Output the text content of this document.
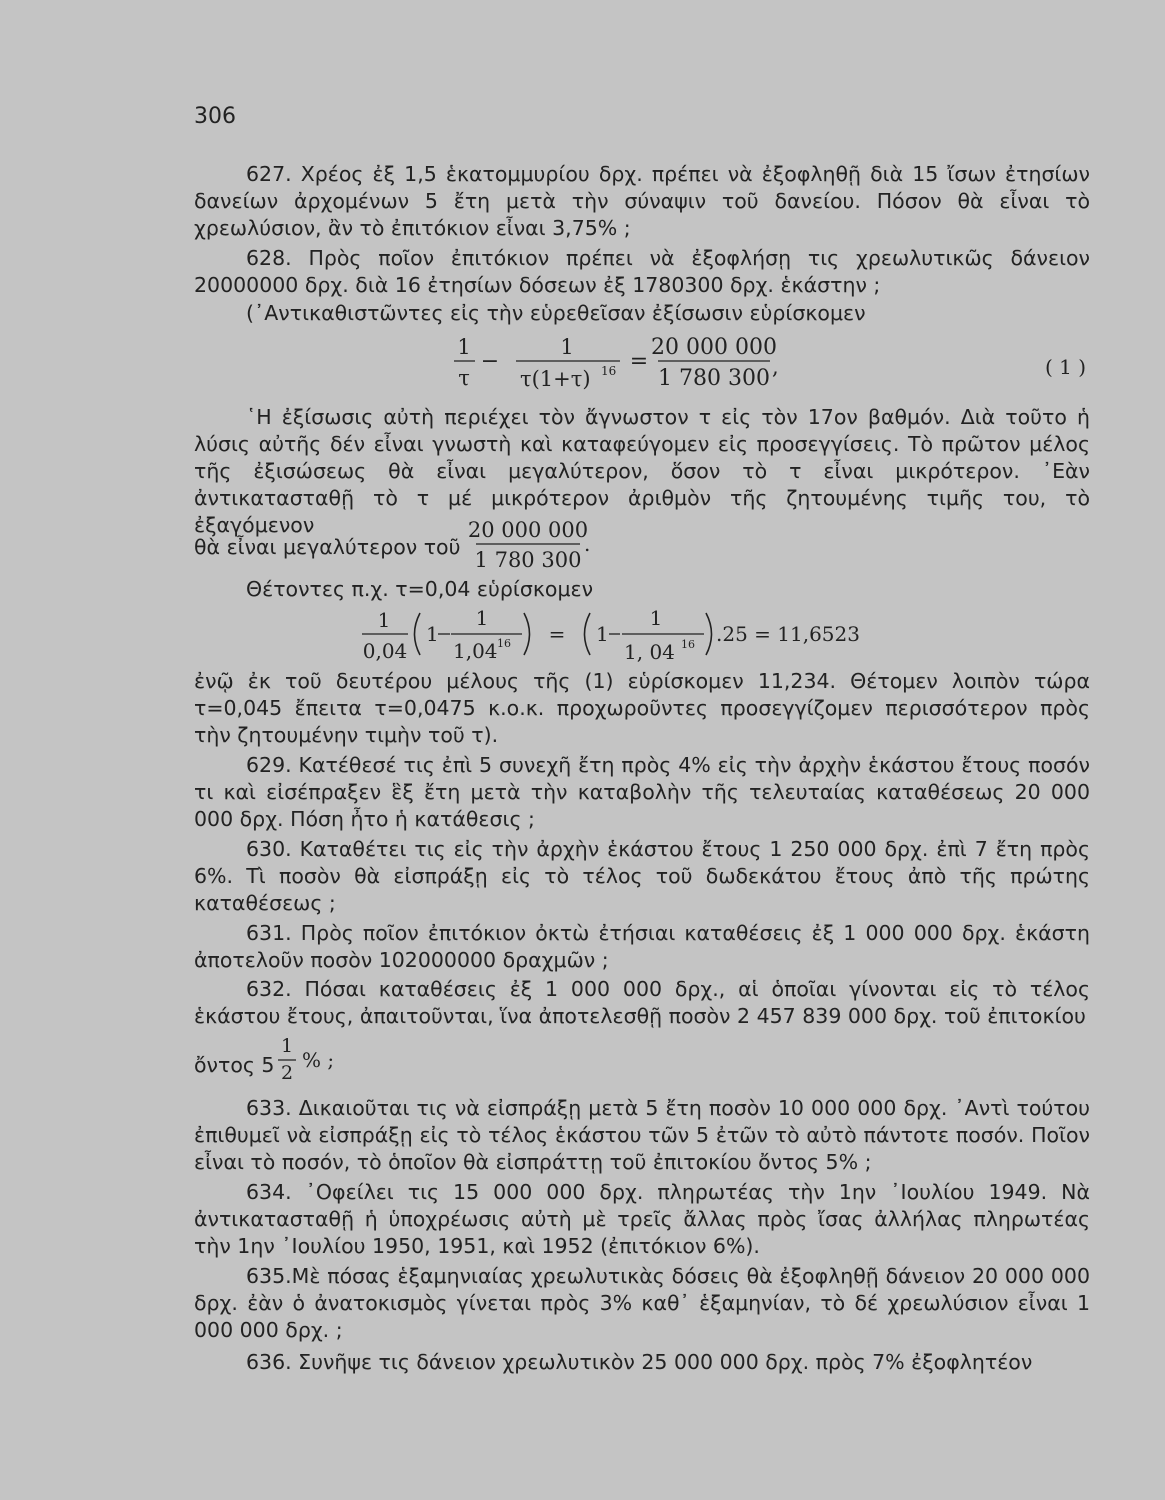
306
627. Χρέος ἐξ 1,5 ἑκατομμυρίου δρχ. πρέπει νὰ ἐξοφληθῇ διὰ 15 ἴσων ἐτησίων δανείων ἀρχομένων 5 ἔτη μετὰ τὴν σύναψιν τοῦ δανείου. Πόσον θὰ εἶναι τὸ χρεωλύσιον, ἂν τὸ ἐπιτόκιον εἶναι 3,75% ;
628. Πρὸς ποῖον ἐπιτόκιον πρέπει νὰ ἐξοφλήσῃ τις χρεωλυτικῶς δάνειον 20000000 δρχ. διὰ 16 ἐτησίων δόσεων ἐξ 1780300 δρχ. ἑκάστην ;
(᾿Αντικαθιστῶντες εἰς τὴν εὑρεθεῖσαν ἐξίσωσιν εὑρίσκομεν
1
τ
−
1
τ(1+τ) 16 =
20 000 000
1 780 300 ,	( 1 )
῾Η ἐξίσωσις αὐτὴ περιέχει τὸν ἄγνωστον τ εἰς τὸν 17ον βαθμόν. Διὰ τοῦτο ἡ λύσις αὐτῆς δέν εἶναι γνωστὴ καὶ καταφεύγομεν εἰς προσεγγίσεις. Τὸ πρῶτον μέλος τῆς ἐξισώσεως θὰ εἶναι μεγαλύτερον, ὅσον τὸ τ εἶναι μικρότερον. ᾿Εὰν ἀντικατασταθῇ τὸ τ μέ μικρότερον ἀριθμὸν τῆς ζητουμένης τιμῆς του, τὸ ἐξαγόμενον
θὰ εἶναι μεγαλύτερον τοῦ
20 000 000
1 780 300
.
Θέτοντες π.χ. τ=0,04 εὑρίσκομεν
1
0,04
1
1
1,04 16 = 1
1
1, 04 16 .25 = 11,6523
ἐνῷ ἐκ τοῦ δευτέρου μέλους τῆς (1) εὑρίσκομεν 11,234. Θέτομεν λοιπὸν τώρα τ=0,045 ἔπειτα τ=0,0475 κ.ο.κ. προχωροῦντες προσεγγίζομεν περισσότερον πρὸς τὴν ζητουμένην τιμὴν τοῦ τ).
629. Κατέθεσέ τις ἐπὶ 5 συνεχῆ ἔτη πρὸς 4% εἰς τὴν ἀρχὴν ἑκάστου ἔτους ποσόν τι καὶ εἰσέπραξεν ἓξ ἔτη μετὰ τὴν καταβολὴν τῆς τελευταίας καταθέσεως 20 000 000 δρχ. Πόση ἦτο ἡ κατάθεσις ;
630. Καταθέτει τις εἰς τὴν ἀρχὴν ἑκάστου ἔτους 1 250 000 δρχ. ἐπὶ 7 ἔτη πρὸς 6%. Τὶ ποσὸν θὰ εἰσπράξῃ εἰς τὸ τέλος τοῦ δωδεκάτου ἔτους ἀπὸ τῆς πρώτης καταθέσεως ;
631. Πρὸς ποῖον ἐπιτόκιον ὀκτὼ ἐτήσιαι καταθέσεις ἐξ 1 000 000 δρχ. ἑκάστη ἀποτελοῦν ποσὸν 102000000 δραχμῶν ;
632. Πόσαι καταθέσεις ἐξ 1 000 000 δρχ., αἱ ὁποῖαι γίνονται εἰς τὸ τέλος ἑκάστου ἔτους, ἀπαιτοῦνται, ἵνα ἀποτελεσθῇ ποσὸν 2 457 839 000 δρχ. τοῦ ἐπιτοκίου
ὄντος 5
1
2
% ;
633. Δικαιοῦται τις νὰ εἰσπράξῃ μετὰ 5 ἔτη ποσὸν 10 000 000 δρχ. ᾿Αντὶ τούτου ἐπιθυμεῖ νὰ εἰσπράξῃ εἰς τὸ τέλος ἑκάστου τῶν 5 ἐτῶν τὸ αὐτὸ πάντοτε ποσόν. Ποῖον εἶναι τὸ ποσόν, τὸ ὁποῖον θὰ εἰσπράττῃ τοῦ ἐπιτοκίου ὄντος 5% ;
634. ᾿Οφείλει τις 15 000 000 δρχ. πληρωτέας τὴν 1ην ᾿Ιουλίου 1949. Νὰ ἀντικατασταθῇ ἡ ὑποχρέωσις αὐτὴ μὲ τρεῖς ἄλλας πρὸς ἴσας ἀλλήλας πληρωτέας τὴν 1ην ᾿Ιουλίου 1950, 1951, καὶ 1952 (ἐπιτόκιον 6%).
635.Μὲ πόσας ἑξαμηνιαίας χρεωλυτικὰς δόσεις θὰ ἐξοφληθῇ δάνειον 20 000 000 δρχ. ἐὰν ὁ ἀνατοκισμὸς γίνεται πρὸς 3% καθ᾿ ἑξαμηνίαν, τὸ δέ χρεωλύσιον εἶναι 1 000 000 δρχ. ;
636. Συνῆψε τις δάνειον χρεωλυτικὸν 25 000 000 δρχ. πρὸς 7% ἐξοφλητέον
